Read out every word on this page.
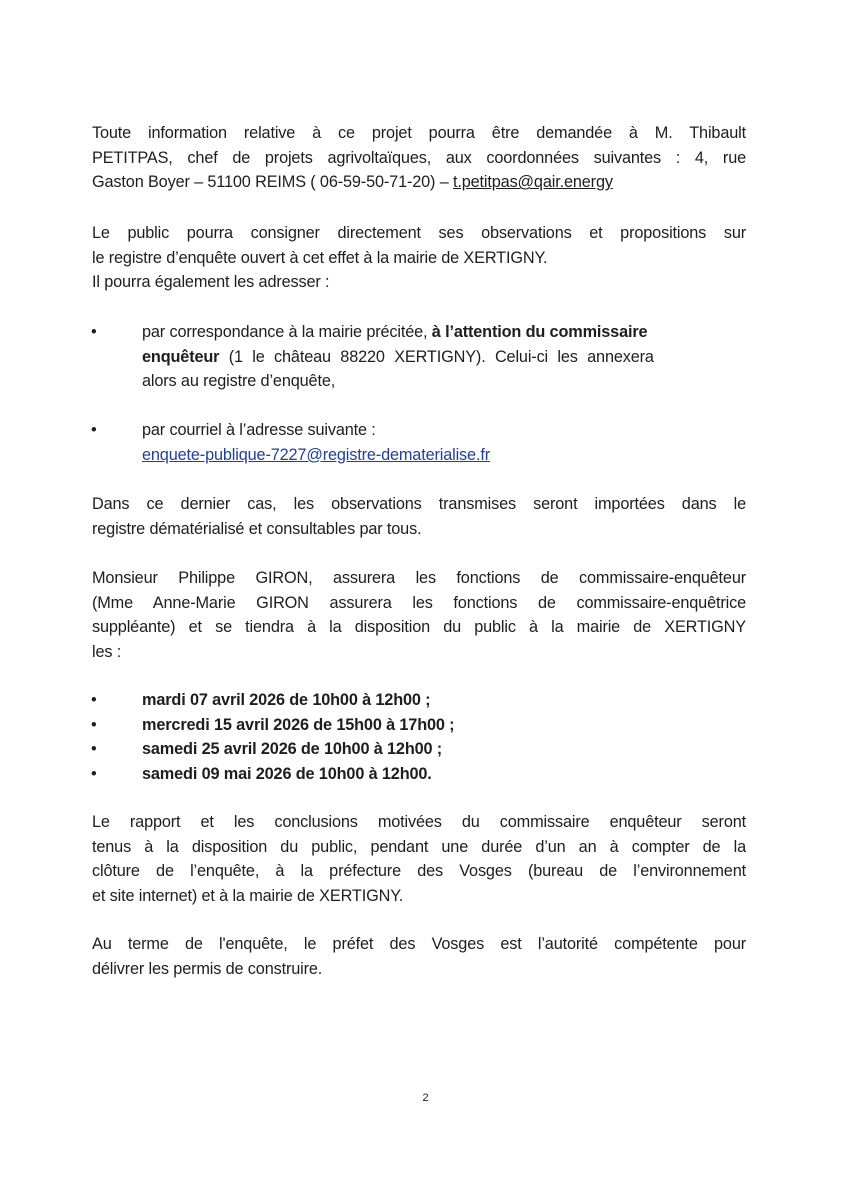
Toute information relative à ce projet pourra être demandée à M. Thibault
PETITPAS, chef de projets agrivoltaïques, aux coordonnées suivantes : 4, rue
Gaston Boyer – 51100 REIMS ( 06-59-50-71-20) – t.petitpas@qair.energy
Le public pourra consigner directement ses observations et propositions sur
le registre d’enquête ouvert à cet effet à la mairie de XERTIGNY.
Il pourra également les adresser :
•	par correspondance à la mairie précitée, à l’attention du commissaire
enquêteur (1 le château 88220 XERTIGNY). Celui-ci les annexera
alors au registre d’enquête,
•	par courriel à l’adresse suivante :
enquete-publique-7227@registre-dematerialise.fr
Dans ce dernier cas, les observations transmises seront importées dans le
registre dématérialisé et consultables par tous.
Monsieur Philippe GIRON, assurera les fonctions de commissaire-enquêteur
(Mme Anne-Marie GIRON assurera les fonctions de commissaire-enquêtrice
suppléante) et se tiendra à la disposition du public à la mairie de XERTIGNY
les :
•	mardi 07 avril 2026 de 10h00 à 12h00 ;
•	mercredi 15 avril 2026 de 15h00 à 17h00 ;
•	samedi 25 avril 2026 de 10h00 à 12h00 ;
•	samedi 09 mai 2026 de 10h00 à 12h00.
Le rapport et les conclusions motivées du commissaire enquêteur seront
tenus à la disposition du public, pendant une durée d’un an à compter de la
clôture de l’enquête, à la préfecture des Vosges (bureau de l’environnement
et site internet) et à la mairie de XERTIGNY.
Au terme de l'enquête, le préfet des Vosges est l’autorité compétente pour
délivrer les permis de construire.
2
